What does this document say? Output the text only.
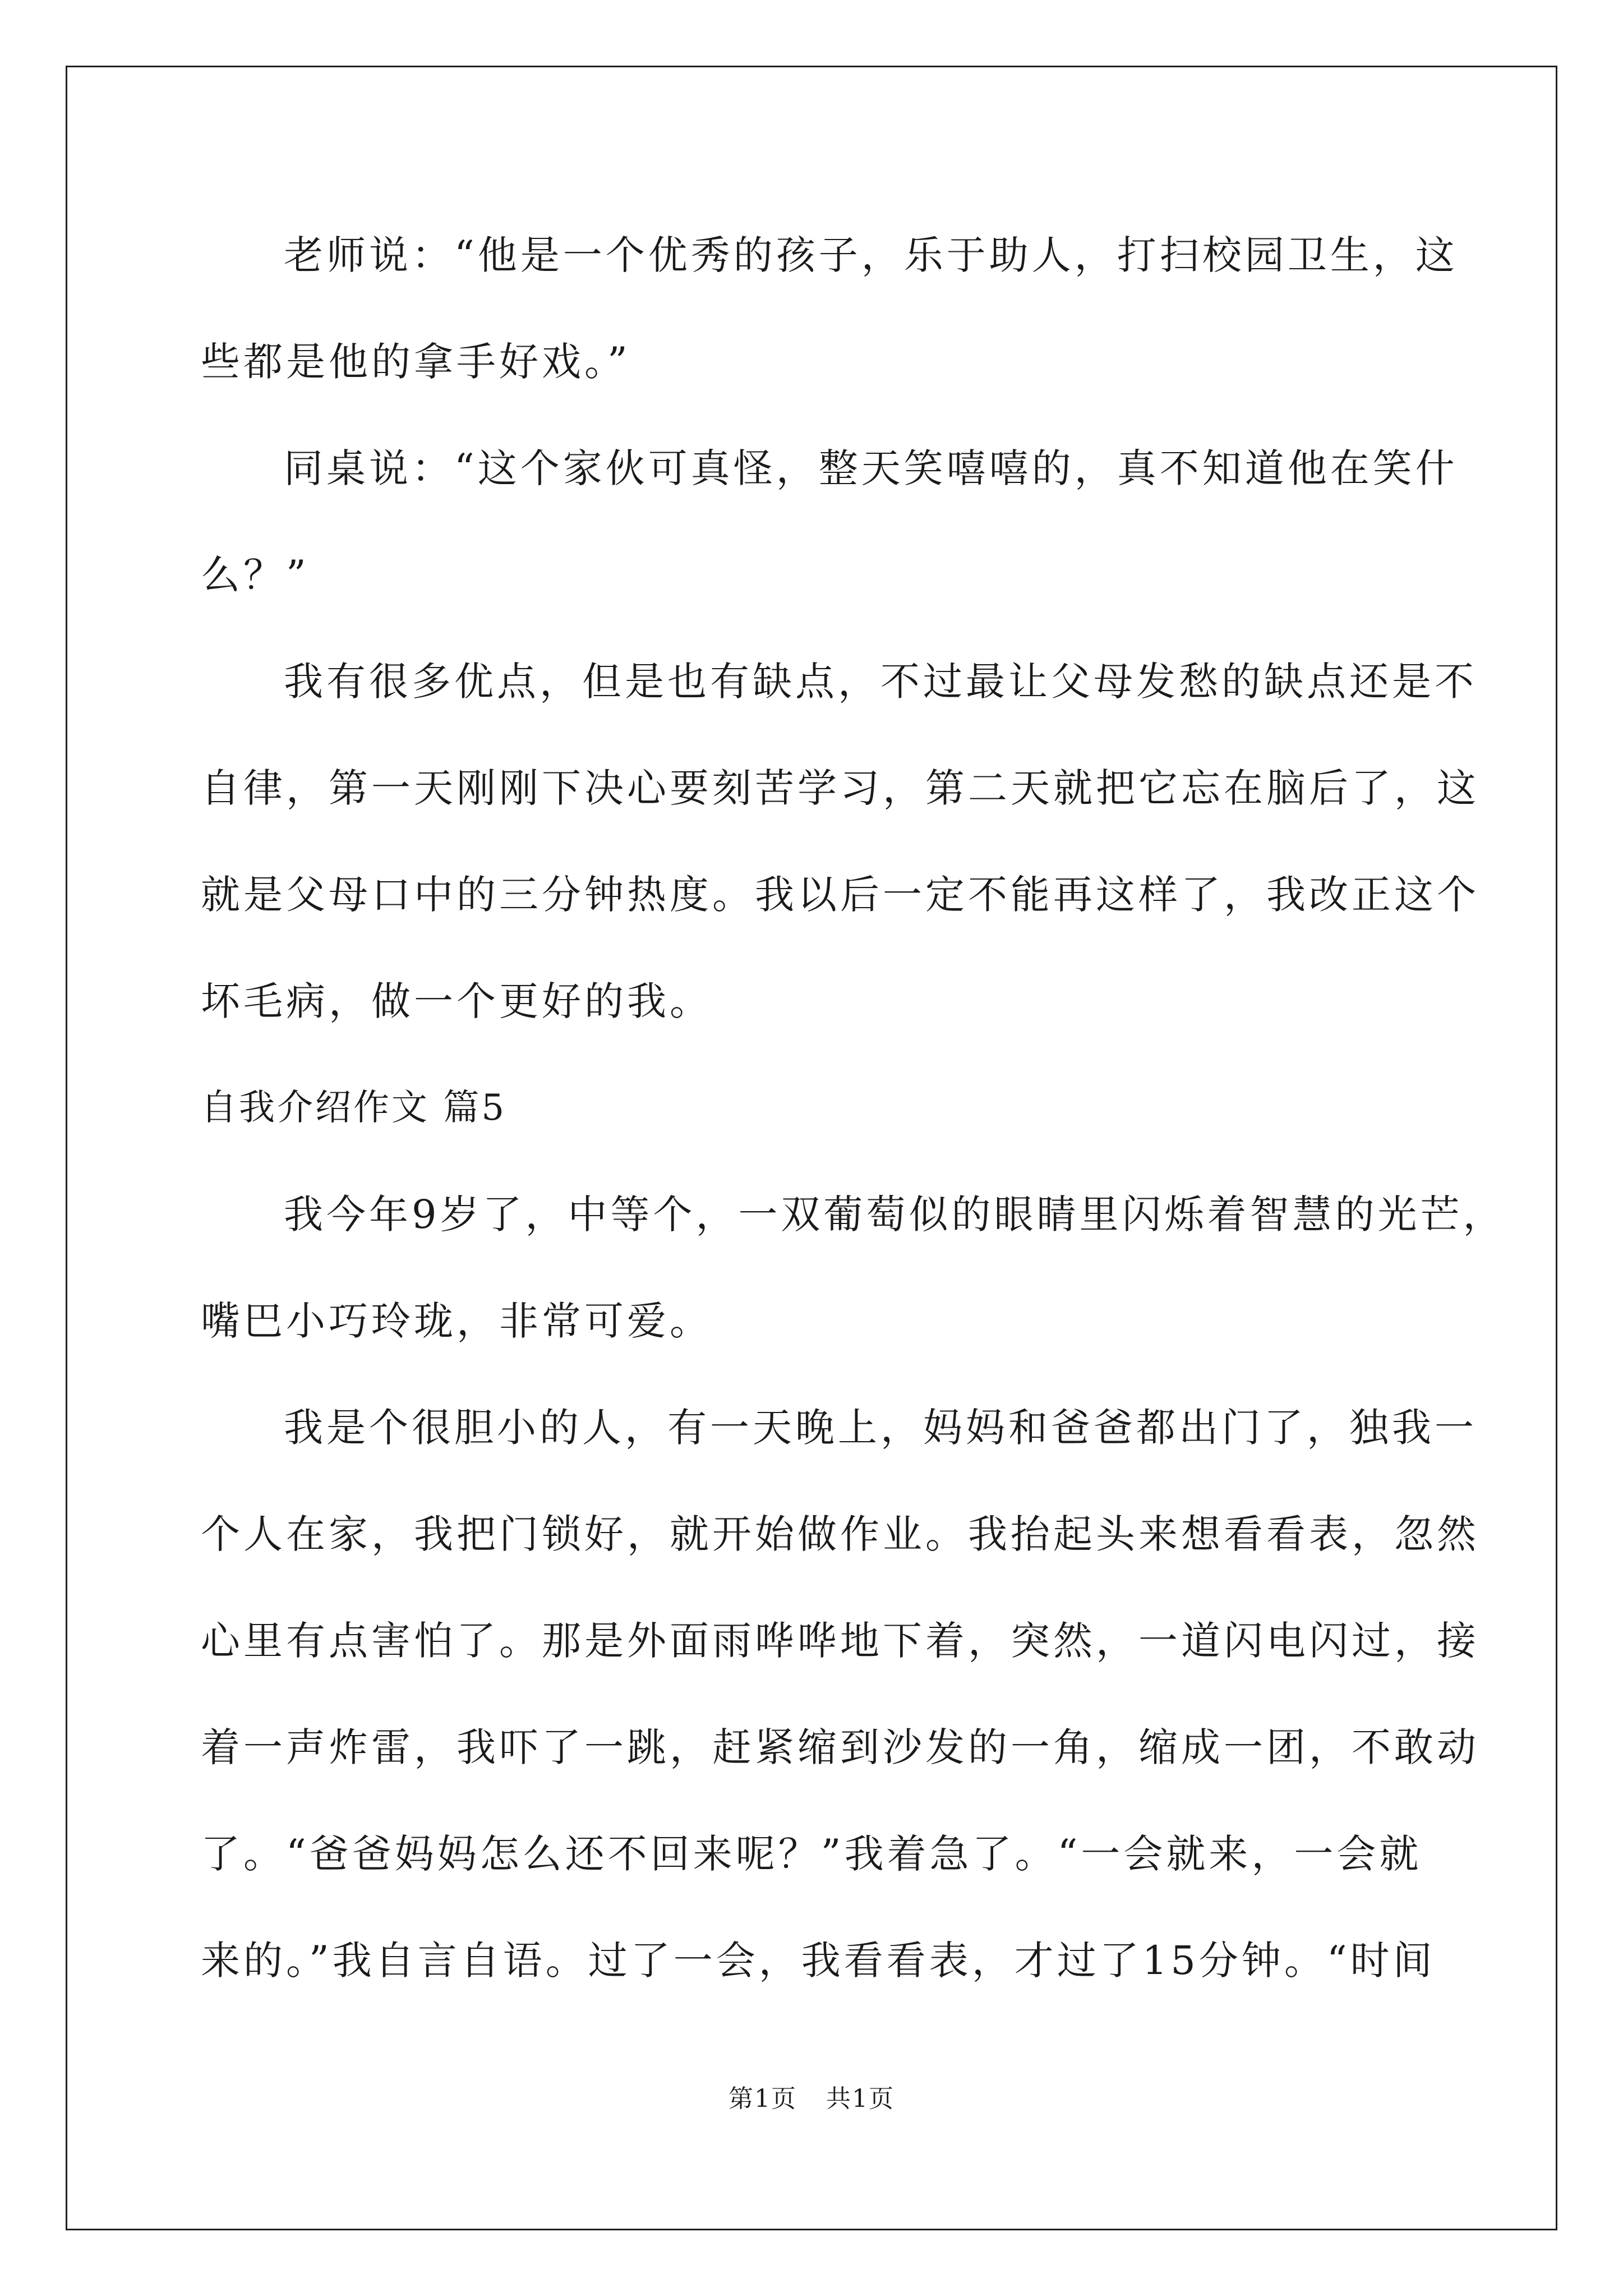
老师说：“他是一个优秀的孩子，乐于助人，打扫校园卫生，这
些都是他的拿手好戏。”
同桌说：“这个家伙可真怪，整天笑嘻嘻的，真不知道他在笑什
么？”
我有很多优点，但是也有缺点，不过最让父母发愁的缺点还是不
自律，第一天刚刚下决心要刻苦学习，第二天就把它忘在脑后了，这
就是父母口中的三分钟热度。我以后一定不能再这样了，我改正这个
坏毛病，做一个更好的我。
自我介绍作文 篇5
我今年9岁了，中等个，一双葡萄似的眼睛里闪烁着智慧的光芒，
嘴巴小巧玲珑，非常可爱。
我是个很胆小的人，有一天晚上，妈妈和爸爸都出门了，独我一
个人在家，我把门锁好，就开始做作业。我抬起头来想看看表，忽然
心里有点害怕了。那是外面雨哗哗地下着，突然，一道闪电闪过，接
着一声炸雷，我吓了一跳，赶紧缩到沙发的一角，缩成一团，不敢动
了。“爸爸妈妈怎么还不回来呢？”我着急了。“一会就来，一会就
来的。”我自言自语。过了一会，我看看表，才过了15分钟。“时间
第1页 共1页
